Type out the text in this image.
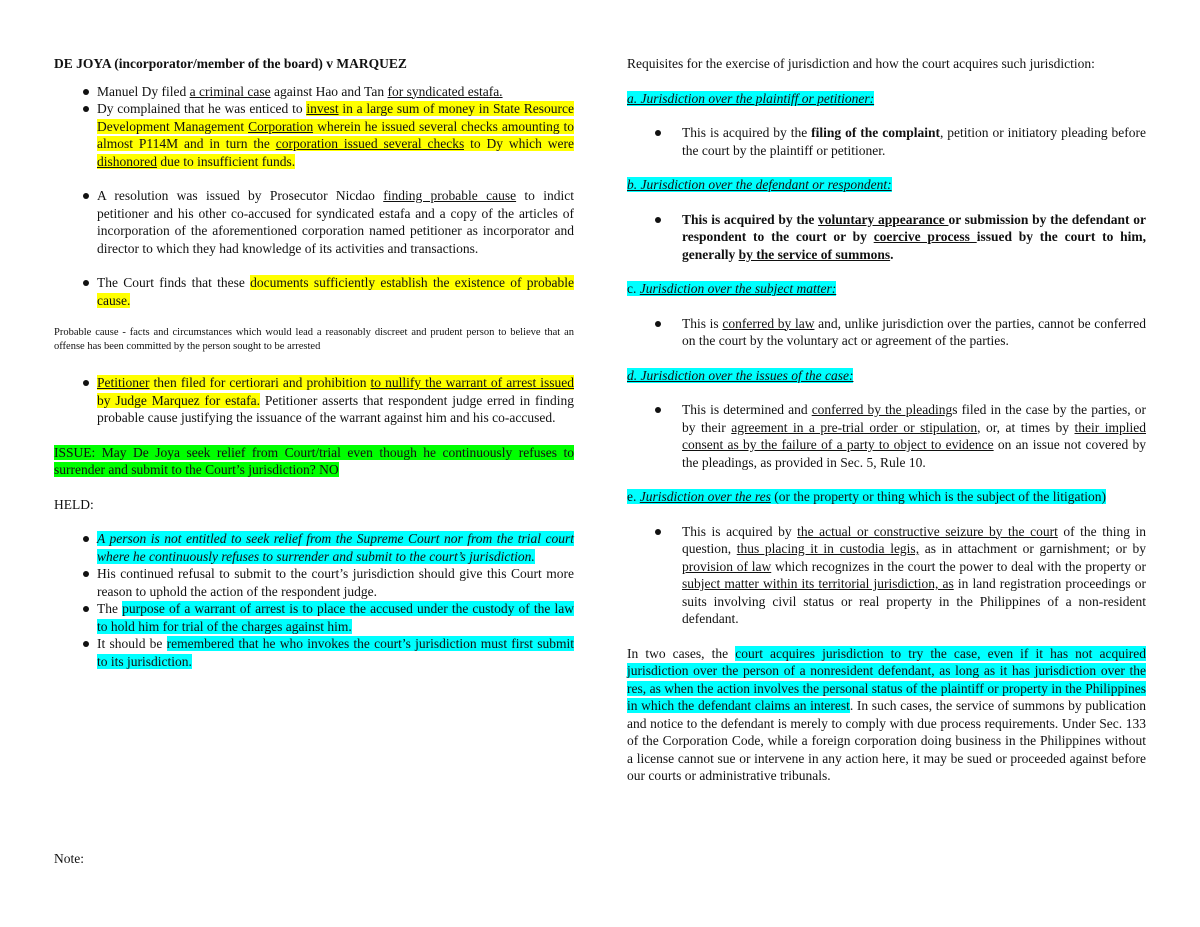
DE JOYA (incorporator/member of the board) v MARQUEZ

Manuel Dy filed a criminal case against Hao and Tan for syndicated estafa.
Dy complained that he was enticed to invest in a large sum of money in State Resource Development Management Corporation wherein he issued several checks amounting to almost P114M and in turn the corporation issued several checks to Dy which were dishonored due to insufficient funds.
A resolution was issued by Prosecutor Nicdao finding probable cause to indict petitioner and his other co-accused for syndicated estafa and a copy of the articles of incorporation of the aforementioned corporation named petitioner as incorporator and director to which they had knowledge of its activities and transactions.
The Court finds that these documents sufficiently establish the existence of probable cause.

Probable cause - facts and circumstances which would lead a reasonably discreet and prudent person to believe that an offense has been committed by the person sought to be arrested

Petitioner then filed for certiorari and prohibition to nullify the warrant of arrest issued by Judge Marquez for estafa. Petitioner asserts that respondent judge erred in finding probable cause justifying the issuance of the warrant against him and his co-accused.

ISSUE: May De Joya seek relief from Court/trial even though he continuously refuses to surrender and submit to the Court’s jurisdiction? NO

HELD:

A person is not entitled to seek relief from the Supreme Court nor from the trial court where he continuously refuses to surrender and submit to the court’s jurisdiction.
His continued refusal to submit to the court’s jurisdiction should give this Court more reason to uphold the action of the respondent judge.
The purpose of a warrant of arrest is to place the accused under the custody of the law to hold him for trial of the charges against him.
It should be remembered that he who invokes the court’s jurisdiction must first submit to its jurisdiction.

Note:

Requisites for the exercise of jurisdiction and how the court acquires such jurisdiction:

a. Jurisdiction over the plaintiff or petitioner:

This is acquired by the filing of the complaint, petition or initiatory pleading before the court by the plaintiff or petitioner.

b. Jurisdiction over the defendant or respondent:

This is acquired by the voluntary appearance or submission by the defendant or respondent to the court or by coercive process issued by the court to him, generally by the service of summons.

c. Jurisdiction over the subject matter:

This is conferred by law and, unlike jurisdiction over the parties, cannot be conferred on the court by the voluntary act or agreement of the parties.

d. Jurisdiction over the issues of the case:

This is determined and conferred by the pleadings filed in the case by the parties, or by their agreement in a pre-trial order or stipulation, or, at times by their implied consent as by the failure of a party to object to evidence on an issue not covered by the pleadings, as provided in Sec. 5, Rule 10.

e. Jurisdiction over the res (or the property or thing which is the subject of the litigation)

This is acquired by the actual or constructive seizure by the court of the thing in question, thus placing it in custodia legis, as in attachment or garnishment; or by provision of law which recognizes in the court the power to deal with the property or subject matter within its territorial jurisdiction, as in land registration proceedings or suits involving civil status or real property in the Philippines of a non-resident defendant.

In two cases, the court acquires jurisdiction to try the case, even if it has not acquired jurisdiction over the person of a nonresident defendant, as long as it has jurisdiction over the res, as when the action involves the personal status of the plaintiff or property in the Philippines in which the defendant claims an interest. In such cases, the service of summons by publication and notice to the defendant is merely to comply with due process requirements. Under Sec. 133 of the Corporation Code, while a foreign corporation doing business in the Philippines without a license cannot sue or intervene in any action here, it may be sued or proceeded against before our courts or administrative tribunals.
